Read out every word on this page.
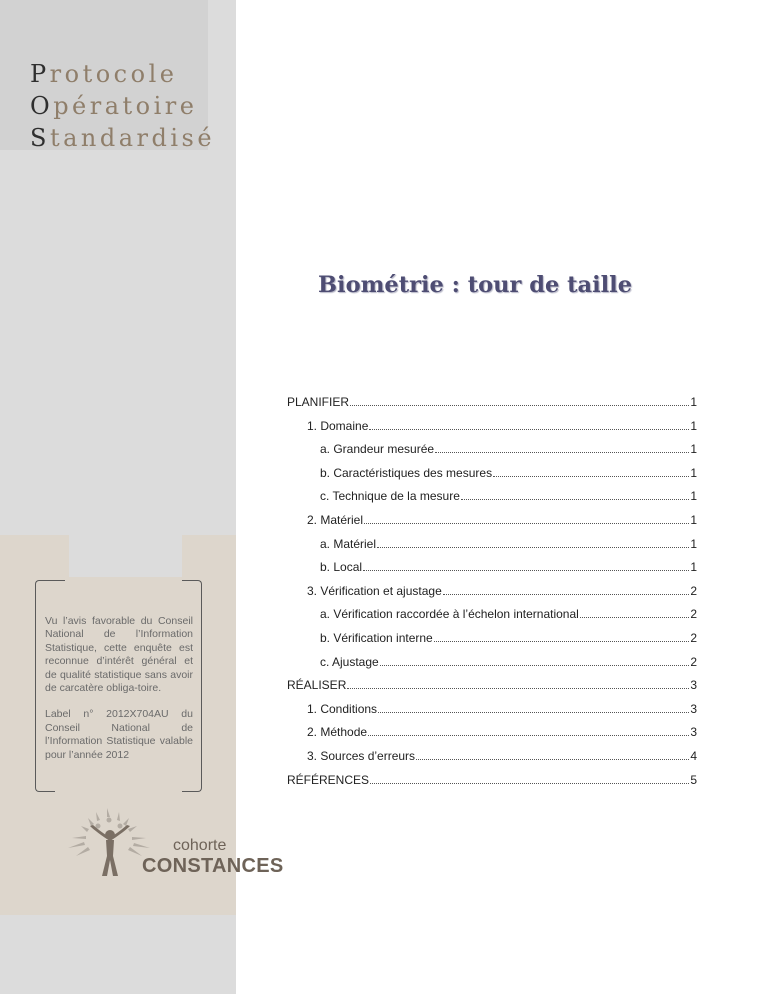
Protocole
Opératoire
Standardisé

Vu l’avis favorable du Conseil National de l’Information Statistique, cette enquête est reconnue d’intérêt général et de qualité statistique sans avoir de carcatère obliga-toire.

Label n° 2012X704AU du Conseil National de l’Information Statistique valable pour l’année 2012

cohorte
CONSTANCES
Biométrie : tour de taille
PLANIFIER	1
1. Domaine	1
a. Grandeur mesurée	1
b. Caractéristiques des mesures	1
c. Technique de la mesure	1
2. Matériel	1
a. Matériel	1
b. Local	1
3. Vérification et ajustage	2
a. Vérification raccordée à l’échelon international	2
b. Vérification interne	2
c. Ajustage	2
RÉALISER	3
1. Conditions	3
2. Méthode	3
3. Sources d’erreurs	4
RÉFÉRENCES	5
